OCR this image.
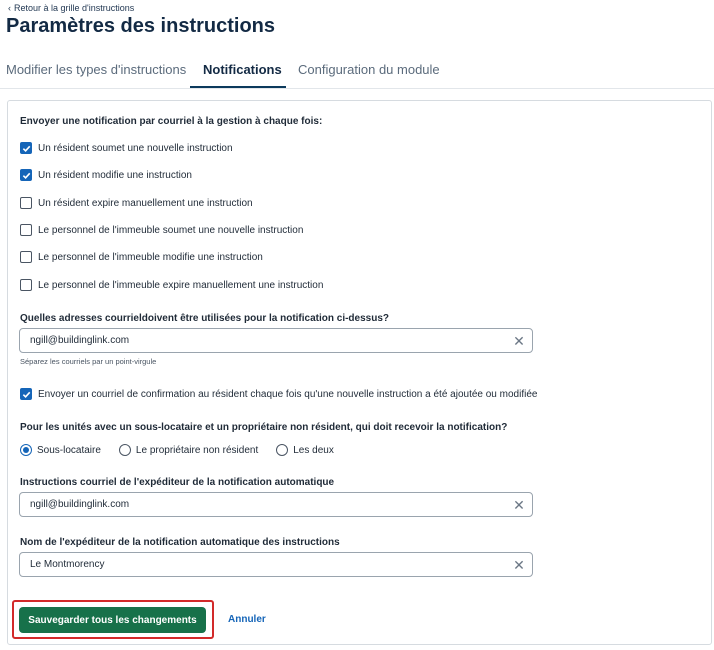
‹ Retour à la grille d'instructions
Paramètres des instructions
Modifier les types d'instructions Notifications Configuration du module
Envoyer une notification par courriel à la gestion à chaque fois:
Un résident soumet une nouvelle instruction
Un résident modifie une instruction
Un résident expire manuellement une instruction
Le personnel de l'immeuble soumet une nouvelle instruction
Le personnel de l'immeuble modifie une instruction
Le personnel de l'immeuble expire manuellement une instruction
Quelles adresses courrieldoivent être utilisées pour la notification ci-dessus?
ngill@buildinglink.com	✕
Séparez les courriels par un point-virgule
Envoyer un courriel de confirmation au résident chaque fois qu'une nouvelle instruction a été ajoutée ou modifiée
Pour les unités avec un sous-locataire et un propriétaire non résident, qui doit recevoir la notification?
Sous-locataire	Le propriétaire non résident	Les deux
Instructions courriel de l'expéditeur de la notification automatique
ngill@buildinglink.com	✕
Nom de l'expéditeur de la notification automatique des instructions
Le Montmorency	✕
Sauvegarder tous les changements	Annuler
